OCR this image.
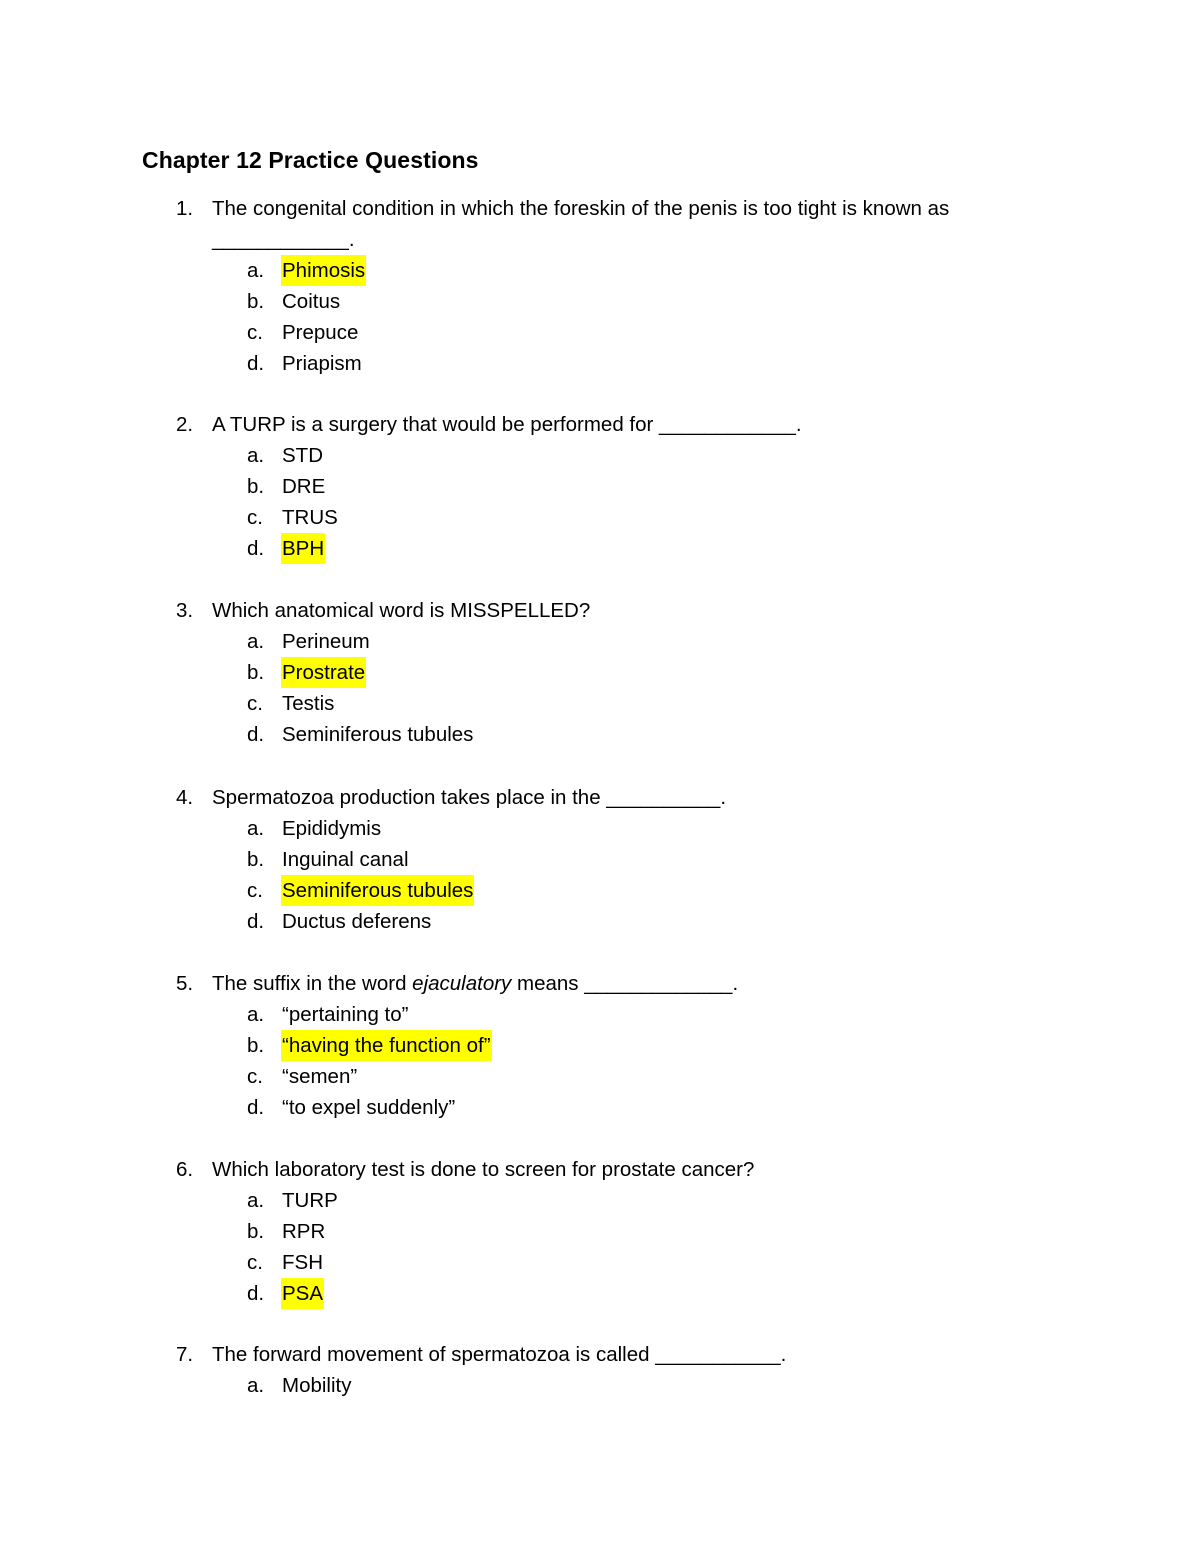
Chapter 12 Practice Questions
1. The congenital condition in which the foreskin of the penis is too tight is known as
____________.
a. Phimosis
b. Coitus
c. Prepuce
d. Priapism
2. A TURP is a surgery that would be performed for ____________.
a. STD
b. DRE
c. TRUS
d. BPH
3. Which anatomical word is MISSPELLED?
a. Perineum
b. Prostrate
c. Testis
d. Seminiferous tubules
4. Spermatozoa production takes place in the __________.
a. Epididymis
b. Inguinal canal
c. Seminiferous tubules
d. Ductus deferens
5. The suffix in the word ejaculatory means _____________.
a. “pertaining to”
b. “having the function of”
c. “semen”
d. “to expel suddenly”
6. Which laboratory test is done to screen for prostate cancer?
a. TURP
b. RPR
c. FSH
d. PSA
7. The forward movement of spermatozoa is called ___________.
a. Mobility
